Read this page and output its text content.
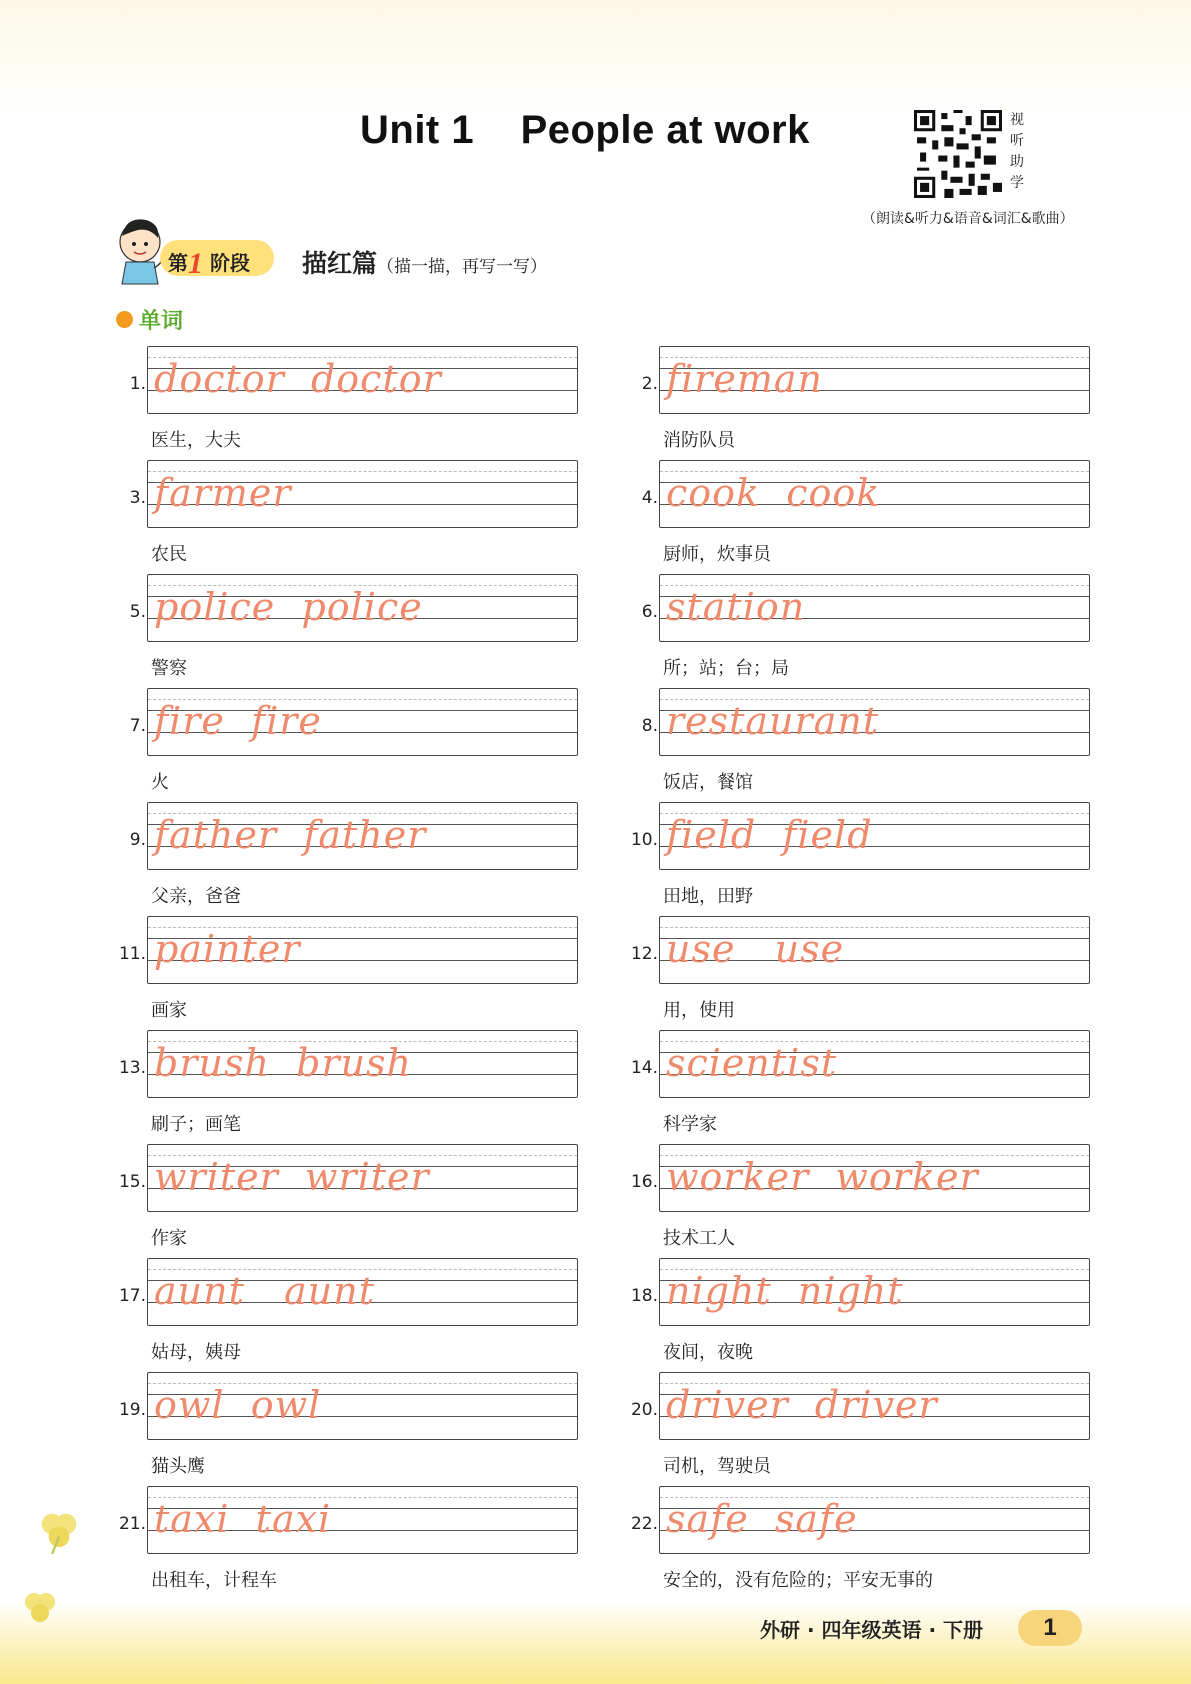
Unit 1    People at work	视
听
助
学
（朗读&听力&语音&词汇&歌曲）
第1 阶段 描红篇（描一描，再写一写）
单词
1. doctor  doctor
医生，大夫
2. fireman
消防队员
3. farmer
农民
4. cook  cook
厨师，炊事员
5. police  police
警察
6. station
所；站；台；局
7. fire  fire
火
8. restaurant
饭店，餐馆
9. father  father
父亲，爸爸
10. field  field
田地，田野
11. painter
画家
12. use   use
用，使用
13. brush  brush
刷子；画笔
14. scientist
科学家
15. writer  writer
作家
16. worker  worker
技术工人
17. aunt   aunt
姑母，姨母
18. night  night
夜间，夜晚
19. owl  owl
猫头鹰
20. driver  driver
司机，驾驶员
21. taxi  taxi
出租车，计程车
22. safe  safe
安全的，没有危险的；平安无事的
外研 · 四年级英语 · 下册	1
